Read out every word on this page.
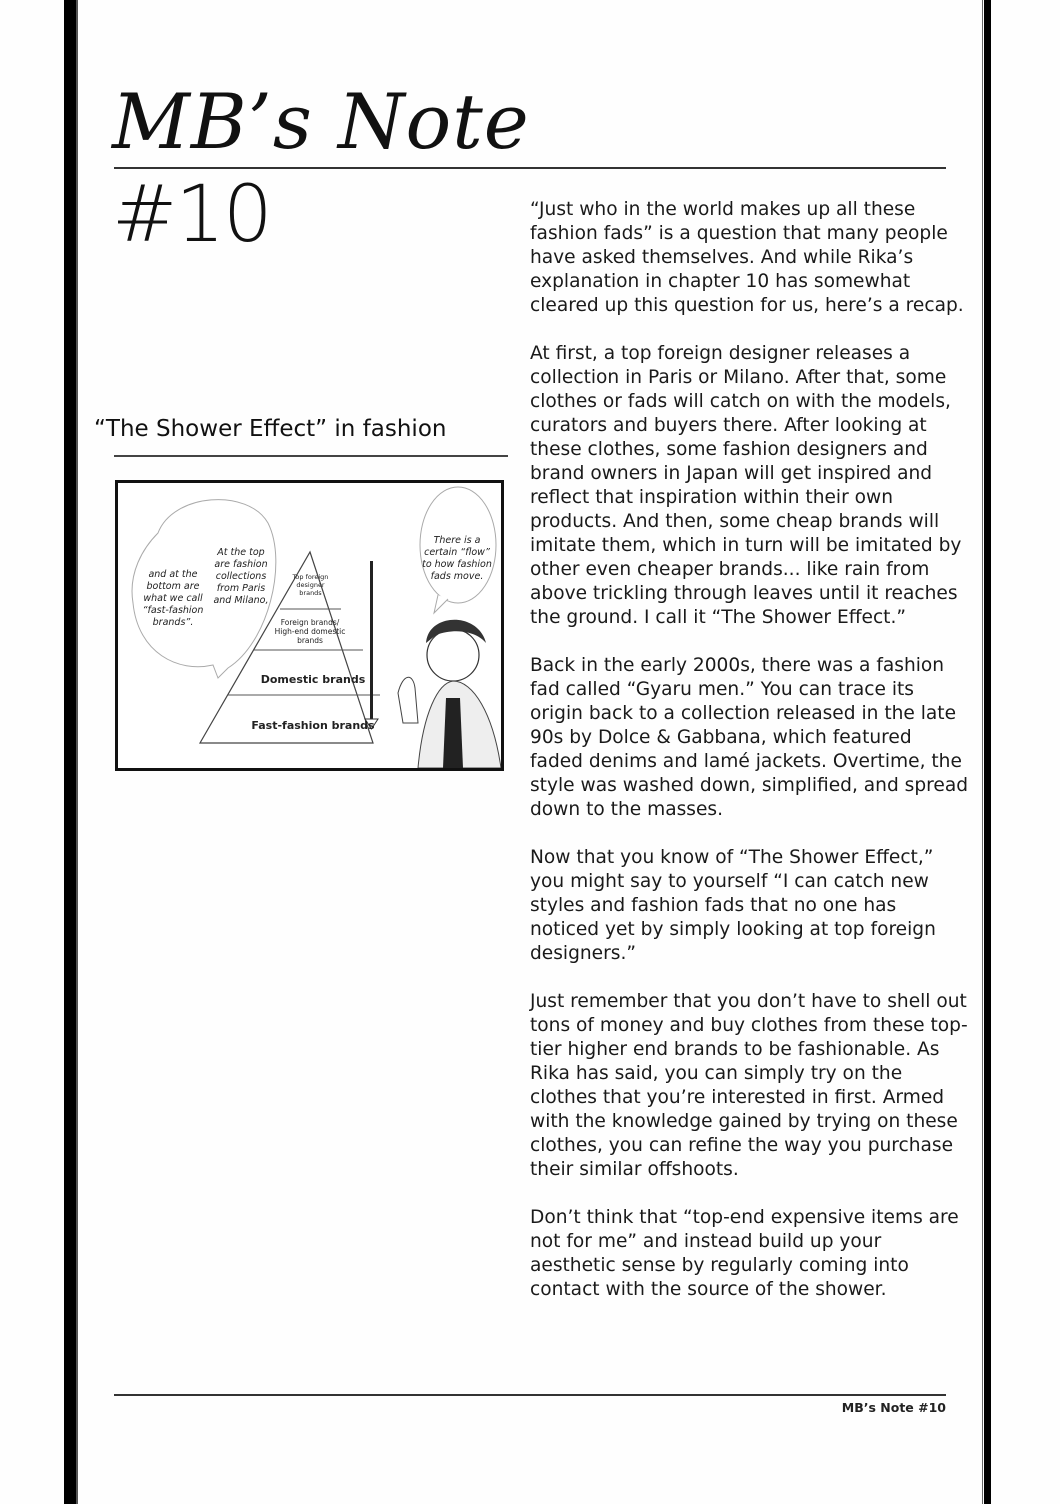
MB’s Note
#10
“The Shower Effect” in fashion
and at the bottom are what we call “fast-fashion brands”.
At the top are fashion collections from Paris and Milano,
There is a certain “flow” to how fashion fads move.
Top foreign designer brands
Foreign brands/ High-end domestic brands
Domestic brands
Fast-fashion brands

“Just who in the world makes up all these fashion fads” is a question that many people have asked themselves. And while Rika’s explanation in chapter 10 has somewhat cleared up this question for us, here’s a recap.

At first, a top foreign designer releases a collection in Paris or Milano. After that, some clothes or fads will catch on with the models, curators and buyers there. After looking at these clothes, some fashion designers and brand owners in Japan will get inspired and reflect that inspiration within their own products. And then, some cheap brands will imitate them, which in turn will be imitated by other even cheaper brands... like rain from above trickling through leaves until it reaches the ground. I call it “The Shower Effect.”

Back in the early 2000s, there was a fashion fad called “Gyaru men.” You can trace its origin back to a collection released in the late 90s by Dolce & Gabbana, which featured faded denims and lamé jackets. Overtime, the style was washed down, simplified, and spread down to the masses.

Now that you know of “The Shower Effect,” you might say to yourself “I can catch new styles and fashion fads that no one has noticed yet by simply looking at top foreign designers.”

Just remember that you don’t have to shell out tons of money and buy clothes from these top-tier higher end brands to be fashionable. As Rika has said, you can simply try on the clothes that you’re interested in first. Armed with the knowledge gained by trying on these clothes, you can refine the way you purchase their similar offshoots.

Don’t think that “top-end expensive items are not for me” and instead build up your aesthetic sense by regularly coming into contact with the source of the shower.

MB’s Note #10
